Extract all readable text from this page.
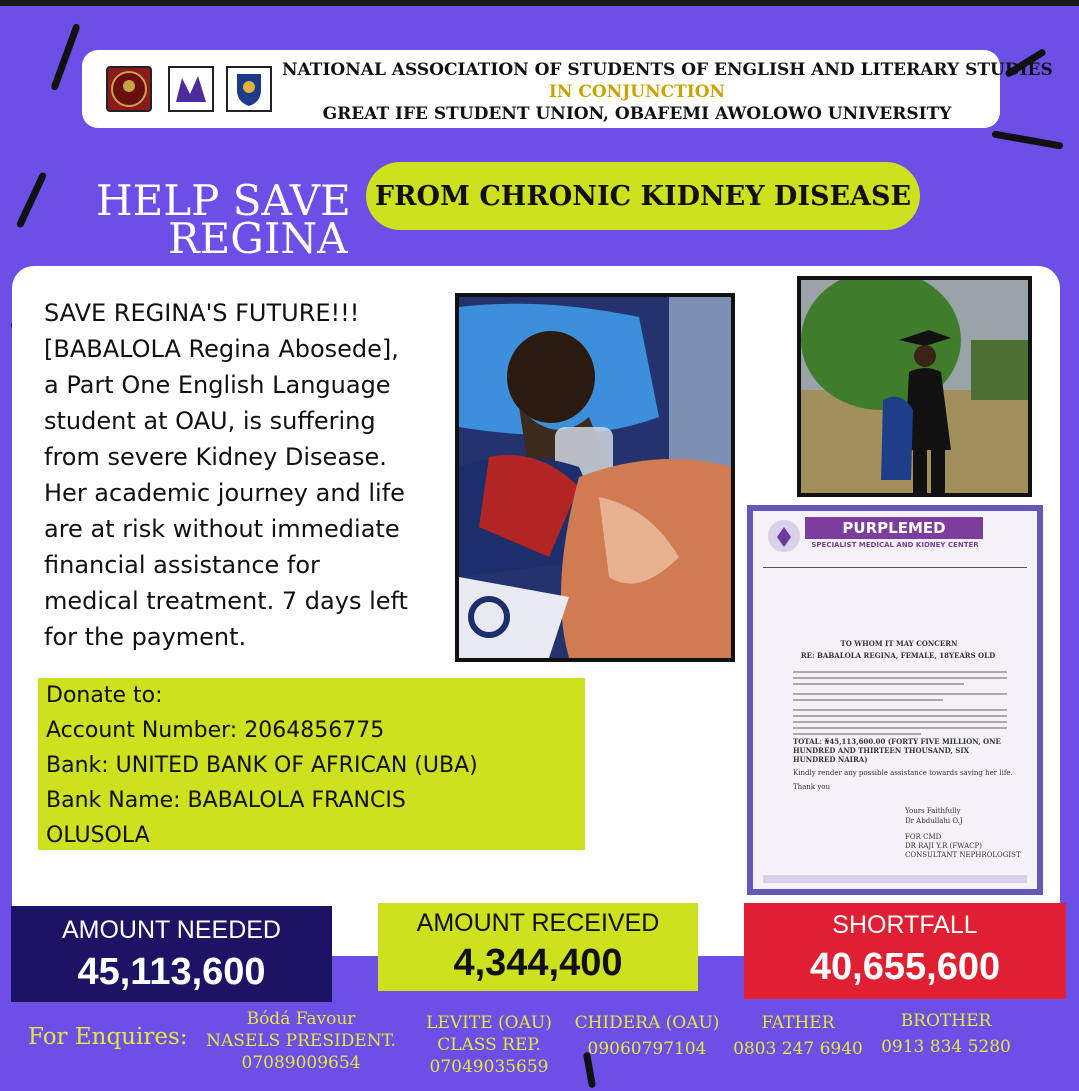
NATIONAL ASSOCIATION OF STUDENTS OF ENGLISH AND LITERARY STUDIES
IN CONJUNCTION
GREAT IFE STUDENT UNION, OBAFEMI AWOLOWO UNIVERSITY
HELP SAVE
REGINA
FROM CHRONIC KIDNEY DISEASE
SAVE REGINA'S FUTURE!!!
[BABALOLA Regina Abosede],
a Part One English Language
student at OAU, is suffering
from severe Kidney Disease.
Her academic journey and life
are at risk without immediate
financial assistance for
medical treatment. 7 days left
for the payment.
PURPLEMED
SPECIALIST MEDICAL AND KIDNEY CENTER
TO WHOM IT MAY CONCERN
RE: BABALOLA REGINA, FEMALE, 18YEARS OLD
TOTAL: ₦45,113,600.00 (FORTY FIVE MILLION, ONE HUNDRED AND THIRTEEN THOUSAND, SIX HUNDRED NAIRA)
Kindly render any possible assistance towards saving her life.
Thank you
Yours Faithfully
Dr Abdullahi O.J
FOR CMD
DR RAJI Y.R (FWACP)
CONSULTANT NEPHROLOGIST
Donate to:
Account Number: 2064856775
Bank: UNITED BANK OF AFRICAN (UBA)
Bank Name: BABALOLA FRANCIS
OLUSOLA
AMOUNT NEEDED
45,113,600
AMOUNT RECEIVED
4,344,400
SHORTFALL
40,655,600
For Enquires:
Bódá Favour
NASELS PRESIDENT.
07089009654
LEVITE (OAU)
CLASS REP.
07049035659
CHIDERA (OAU)
09060797104
FATHER
0803 247 6940
BROTHER
0913 834 5280
